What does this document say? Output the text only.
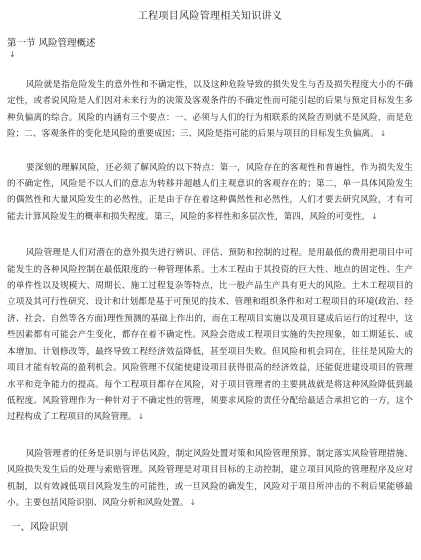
工程项目风险管理相关知识讲义
第一节 风险管理概述
↓

风险就是指危险发生的意外性和不确定性，以及这种危险导致的损失发生与否及损失程度大小的不确定性，或者说风险是人们因对未来行为的决策及客观条件的不确定性而可能引起的后果与预定目标发生多种负偏离的综合。风险的内涵有三个要点：一、必须与人们的行为相联系的风险否则就不是风险，而是危险；二、客观条件的变化是风险的重要成因；三、风险是指可能的后果与项目的目标发生负偏离。↓

要深刻的理解风险，还必须了解风险的以下特点：第一，风险存在的客观性和普遍性，作为损失发生的不确定性，风险是不以人们的意志为转移并超越人们主观意识的客观存在的；第二，单一具体风险发生的偶然性和大量风险发生的必然性，正是由于存在着这种偶然性和必然性，人们才要去研究风险，才有可能去计算风险发生的概率和损失程度。第三，风险的多样性和多层次性，第四，风险的可变性。↓

风险管理是人们对潜在的意外损失进行辨识、评估、预防和控制的过程。是用最低的费用把项目中可能发生的各种风险控制在最低限度的一种管理体系。土木工程由于其投资的巨大性、地点的固定性、生产的单件性以及规模大、周期长、施工过程复杂等特点，比一般产品生产具有更大的风险。土木工程项目的立项及其可行性研究、设计和计划都是基于可预见的技术、管理和组织条件和对工程项目的环境(政治、经济、社会、自然等各方面)理性预测的基础上作出的，而在工程项目实施以及项目建成后运行的过程中，这些因素都有可能会产生变化，都存在着不确定性。风险会造成工程项目实施的失控现象，如工期延长、成本增加、计划修改等，最终导致工程经济效益降低，甚至项目失败。但风险和机会同在，往往是风险大的项目才能有较高的盈利机会。风险管理不仅能使建设项目获得很高的经济效益，还能促进建设项目的管理水平和竞争能力的提高。每个工程项目都存在风险，对于项目管理者的主要挑战就是将这种风险降低到最低程度。风险管理作为一种针对于不确定性的管理，须要求风险的责任分配给最适合承担它的一方，这个过程构成了工程项目的风险管理。↓

风险管理者的任务是识别与评估风险，制定风险处置对策和风险管理预算，制定落实风险管理措施、风险损失发生后的处理与索赔管理。风险管理是对项目目标的主动控制，建立项目风险的管理程序及应对机制，以有效减低项目风险发生的可能性，或一旦风险的确发生，风险对于项目所冲击的不利后果能够最小。主要包括风险识别、风险分析和风险处置。↓

一、风险识别
